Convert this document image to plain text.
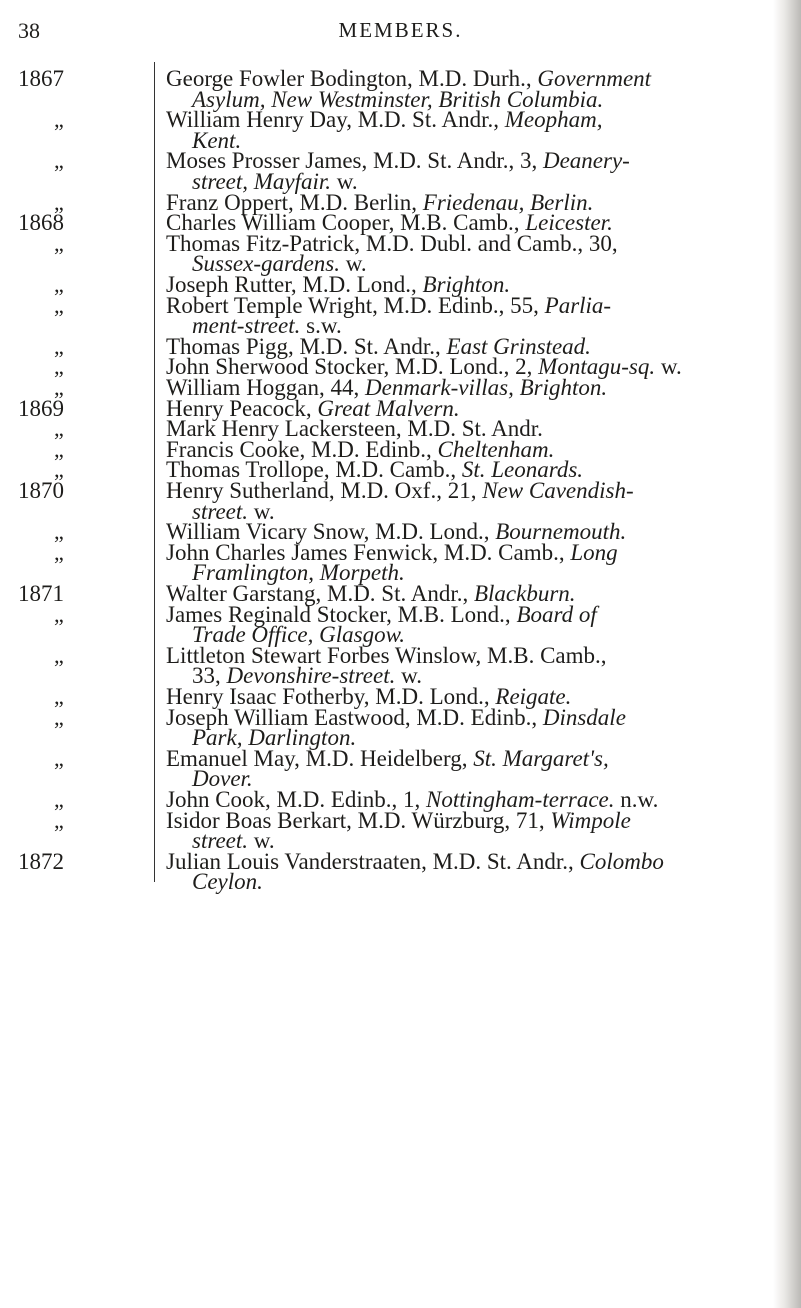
38	MEMBERS.
1867	George Fowler Bodington, M.D. Durh., Government
Asylum, New Westminster, British Columbia.
„	William Henry Day, M.D. St. Andr., Meopham,
Kent.
„	Moses Prosser James, M.D. St. Andr., 3, Deanery-
street, Mayfair. w.
„	Franz Oppert, M.D. Berlin, Friedenau, Berlin.
1868	Charles William Cooper, M.B. Camb., Leicester.
„	Thomas Fitz-Patrick, M.D. Dubl. and Camb., 30,
Sussex-gardens. w.
„	Joseph Rutter, M.D. Lond., Brighton.
„	Robert Temple Wright, M.D. Edinb., 55, Parlia-
ment-street. s.w.
„	Thomas Pigg, M.D. St. Andr., East Grinstead.
„	John Sherwood Stocker, M.D. Lond., 2, Montagu-sq. w.
„	William Hoggan, 44, Denmark-villas, Brighton.
1869	Henry Peacock, Great Malvern.
„	Mark Henry Lackersteen, M.D. St. Andr.
„	Francis Cooke, M.D. Edinb., Cheltenham.
„	Thomas Trollope, M.D. Camb., St. Leonards.
1870	Henry Sutherland, M.D. Oxf., 21, New Cavendish-
street. w.
„	William Vicary Snow, M.D. Lond., Bournemouth.
„	John Charles James Fenwick, M.D. Camb., Long
Framlington, Morpeth.
1871	Walter Garstang, M.D. St. Andr., Blackburn.
„	James Reginald Stocker, M.B. Lond., Board of
Trade Office, Glasgow.
„	Littleton Stewart Forbes Winslow, M.B. Camb.,
33, Devonshire-street. w.
„	Henry Isaac Fotherby, M.D. Lond., Reigate.
„	Joseph William Eastwood, M.D. Edinb., Dinsdale
Park, Darlington.
„	Emanuel May, M.D. Heidelberg, St. Margaret's,
Dover.
„	John Cook, M.D. Edinb., 1, Nottingham-terrace. n.w.
„	Isidor Boas Berkart, M.D. Würzburg, 71, Wimpole
street. w.
1872	Julian Louis Vanderstraaten, M.D. St. Andr., Colombo
Ceylon.
